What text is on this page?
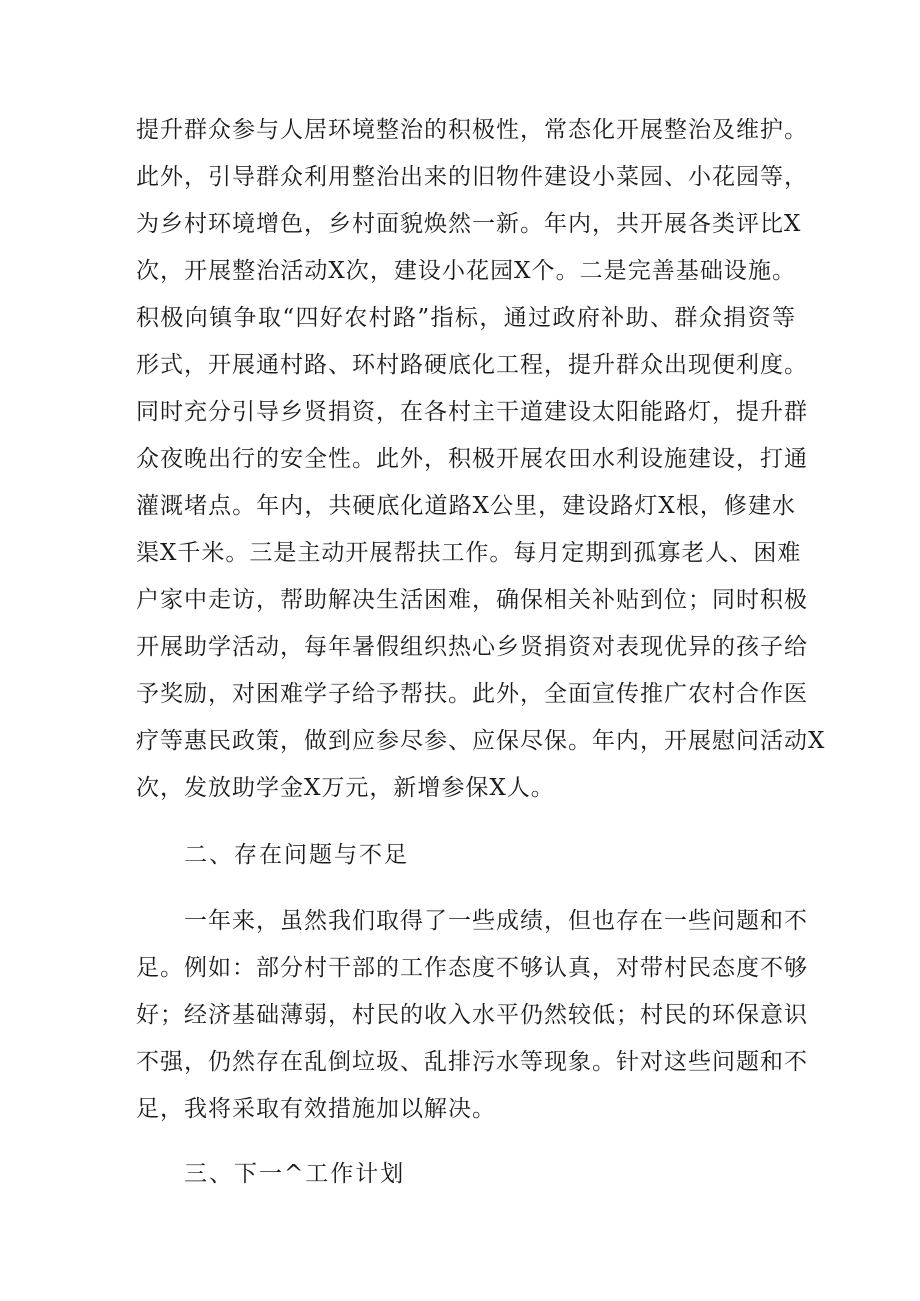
提升群众参与人居环境整治的积极性，常态化开展整治及维护。
此外，引导群众利用整治出来的旧物件建设小菜园、小花园等，
为乡村环境增色，乡村面貌焕然一新。年内，共开展各类评比X
次，开展整治活动X次，建设小花园X个。二是完善基础设施。
积极向镇争取“四好农村路”指标，通过政府补助、群众捐资等
形式，开展通村路、环村路硬底化工程，提升群众出现便利度。
同时充分引导乡贤捐资，在各村主干道建设太阳能路灯，提升群
众夜晚出行的安全性。此外，积极开展农田水利设施建设，打通
灌溉堵点。年内，共硬底化道路X公里，建设路灯X根，修建水
渠X千米。三是主动开展帮扶工作。每月定期到孤寡老人、困难
户家中走访，帮助解决生活困难，确保相关补贴到位；同时积极
开展助学活动，每年暑假组织热心乡贤捐资对表现优异的孩子给
予奖励，对困难学子给予帮扶。此外，全面宣传推广农村合作医
疗等惠民政策，做到应参尽参、应保尽保。年内，开展慰问活动X
次，发放助学金X万元，新增参保X人。
二、存在问题与不足
一年来，虽然我们取得了一些成绩，但也存在一些问题和不
足。例如：部分村干部的工作态度不够认真，对带村民态度不够
好；经济基础薄弱，村民的收入水平仍然较低；村民的环保意识
不强，仍然存在乱倒垃圾、乱排污水等现象。针对这些问题和不
足，我将采取有效措施加以解决。
三、下一^工作计划
